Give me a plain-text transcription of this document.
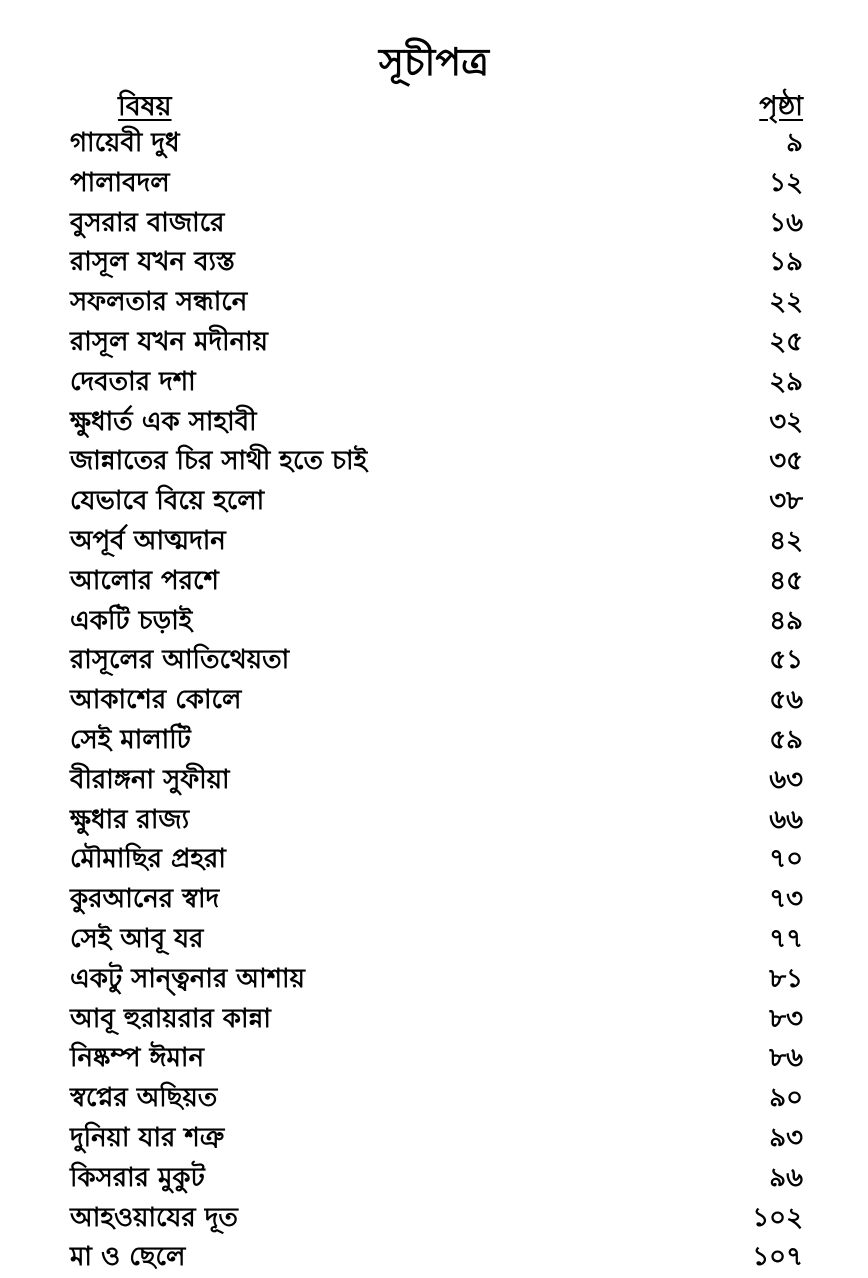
সূচীপত্র
বিষয়	পৃষ্ঠা
গায়েবী দুধ	৯
পালাবদল	১২
বুসরার বাজারে	১৬
রাসূল যখন ব্যস্ত	১৯
সফলতার সন্ধানে	২২
রাসূল যখন মদীনায়	২৫
দেবতার দশা	২৯
ক্ষুধার্ত এক সাহাবী	৩২
জান্নাতের চির সাথী হতে চাই	৩৫
যেভাবে বিয়ে হলো	৩৮
অপূর্ব আত্মদান	৪২
আলোর পরশে	৪৫
একটি চড়াই	৪৯
রাসূলের আতিথেয়তা	৫১
আকাশের কোলে	৫৬
সেই মালাটি	৫৯
বীরাঙ্গনা সুফীয়া	৬৩
ক্ষুধার রাজ্য	৬৬
মৌমাছির প্রহরা	৭০
কুরআনের স্বাদ	৭৩
সেই আবূ যর	৭৭
একটু সান্ত্বনার আশায়	৮১
আবূ হুরায়রার কান্না	৮৩
নিষ্কম্প ঈমান	৮৬
স্বপ্নের অছিয়ত	৯০
দুনিয়া যার শত্রু	৯৩
কিসরার মুকুট	৯৬
আহওয়াযের দূত	১০২
মা ও ছেলে	১০৭
